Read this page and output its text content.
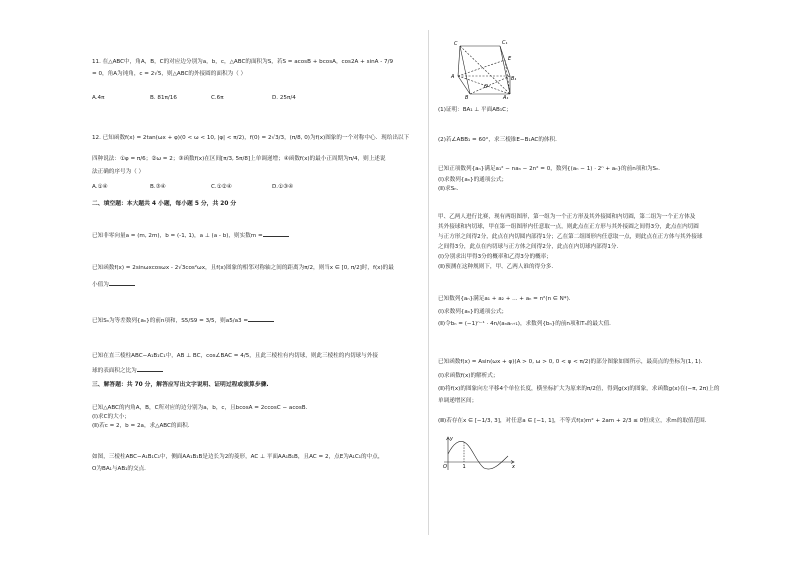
11. 在△ABC中，角A，B，C的对应边分别为a，b，c，△ABC的面积为S，若S = acosB + bcosA，cos2A + sinA - 7/9
= 0，角A为钝角，c = 2√5，则△ABC的外接圆的面积为（ ）
A.4π	B. 81π/16	C.6π	D. 25π/4
12. 已知函数f(x) = 2tan(ωx + φ)(0 < ω < 10, |φ| < π/2)，f(0) = 2√3/3，(π/8, 0)为f(x)图象的一个对称中心．现给出以下
四种说法：①φ = π/6；②ω = 2；③函数f(x)在区间[π/3, 5π/8]上单调递增；④函数f(x)的最小正周期为π/4，则上述说
法正确的序号为（ ）
A.①④	B.③④	C.①②④	D.①③④
二、填空题：本大题共 4 小题，每小题 5 分，共 20 分
已知非零向量a = (m, 2m)，b = (-1, 1)，a ⊥ (a - b)，则实数m =
已知函数f(x) = 2sinωxcosωx - 2√3cos²ωx，且f(x)图象的相邻对称轴之间的距离为π/2，则当x ∈ [0, π/2]时，f(x)的最
小值为
已知Sₙ为等差数列{aₙ}的前n项和，S5/S9 = 3/5，则a5/a3 =
已知在直三棱柱ABC−A₁B₁C₁中，AB ⊥ BC，cos∠BAC = 4/5，且此三棱柱有内切球，则此三棱柱的内切球与外接
球的表面积之比为
三、解答题：共 70 分，解答应写出文字说明、证明过程或演算步骤.
已知△ABC的内角A，B，C所对应的边分别为a，b，c，且bcosA = 2ccosC − acosB．
(Ⅰ)求C的大小；
(Ⅱ)若c = 2，b = 2a，求△ABC的面积．
如图，三棱柱ABC−A₁B₁C₁中，侧面AA₁B₁B是边长为2的菱形，AC ⊥ 平面AA₁B₁B，且AC = 2，点E为A₁C₁的中点，
O为BA₁与AB₁的交点．
C	C₁
E
B₁
A
O
A₁
B
(1)证明：BA₁ ⊥ 平面AB₁C；
(2)若∠ABB₁ = 60°，求三棱锥E−B₁AC的体积．
已知正项数列{aₙ}满足a₁² − naₙ − 2n² = 0，数列{(aₙ − 1) · 2ⁿ + aₙ}的前n项和为Sₙ．
(Ⅰ)求数列{aₙ}的通项公式；
(Ⅱ)求Sₙ．
甲、乙两人进行比赛，现有两组图形，第一组为一个正方形及其外接圆和内切圆，第二组为一个正方体及
其外接球和内切球，甲在第一组图形内任意取一点，则此点在正方形与其外接圆之间得3分，此点在内切圆
与正方形之间得2分，此点在内切圆内部得1分；乙在第二组图形内任意取一点，则此点在正方体与其外接球
之间得3分，此点在内切球与正方体之间得2分，此点在内切球内部得1分．
(Ⅰ)分别求出甲得3分的概率和乙得3分的概率；
(Ⅱ)预测在这种规则下，甲、乙两人谁的得分多．
已知数列{aₙ}满足a₁ + a₂ + ... + aₙ = n²(n ∈ N*)．
(Ⅰ)求数列{aₙ}的通项公式；
(Ⅱ)令bₙ = (−1)ⁿ⁻¹ · 4n/(aₙaₙ₊₁)，求数列{bₙ}的前n项和Tₙ的最大值．
已知函数f(x) = Asin(ωx + φ)(A > 0, ω > 0, 0 < φ < π/2)的部分图象如图所示，最高点的坐标为(1, 1)．
(Ⅰ)求函数f(x)的解析式；
(Ⅱ)将f(x)的图象向左平移4个单位长度，横坐标扩大为原来的π/2倍，得到g(x)的图象，求函数g(x)在(−π, 2π)上的
单调递增区间；
(Ⅲ)若存在x ∈ [−1/3, 3]，对任意a ∈ [−1, 1]，不等式f(x)m² + 2am + 2/3 ≤ 0恒成立，求m的取值范围．
y
O	1	x
